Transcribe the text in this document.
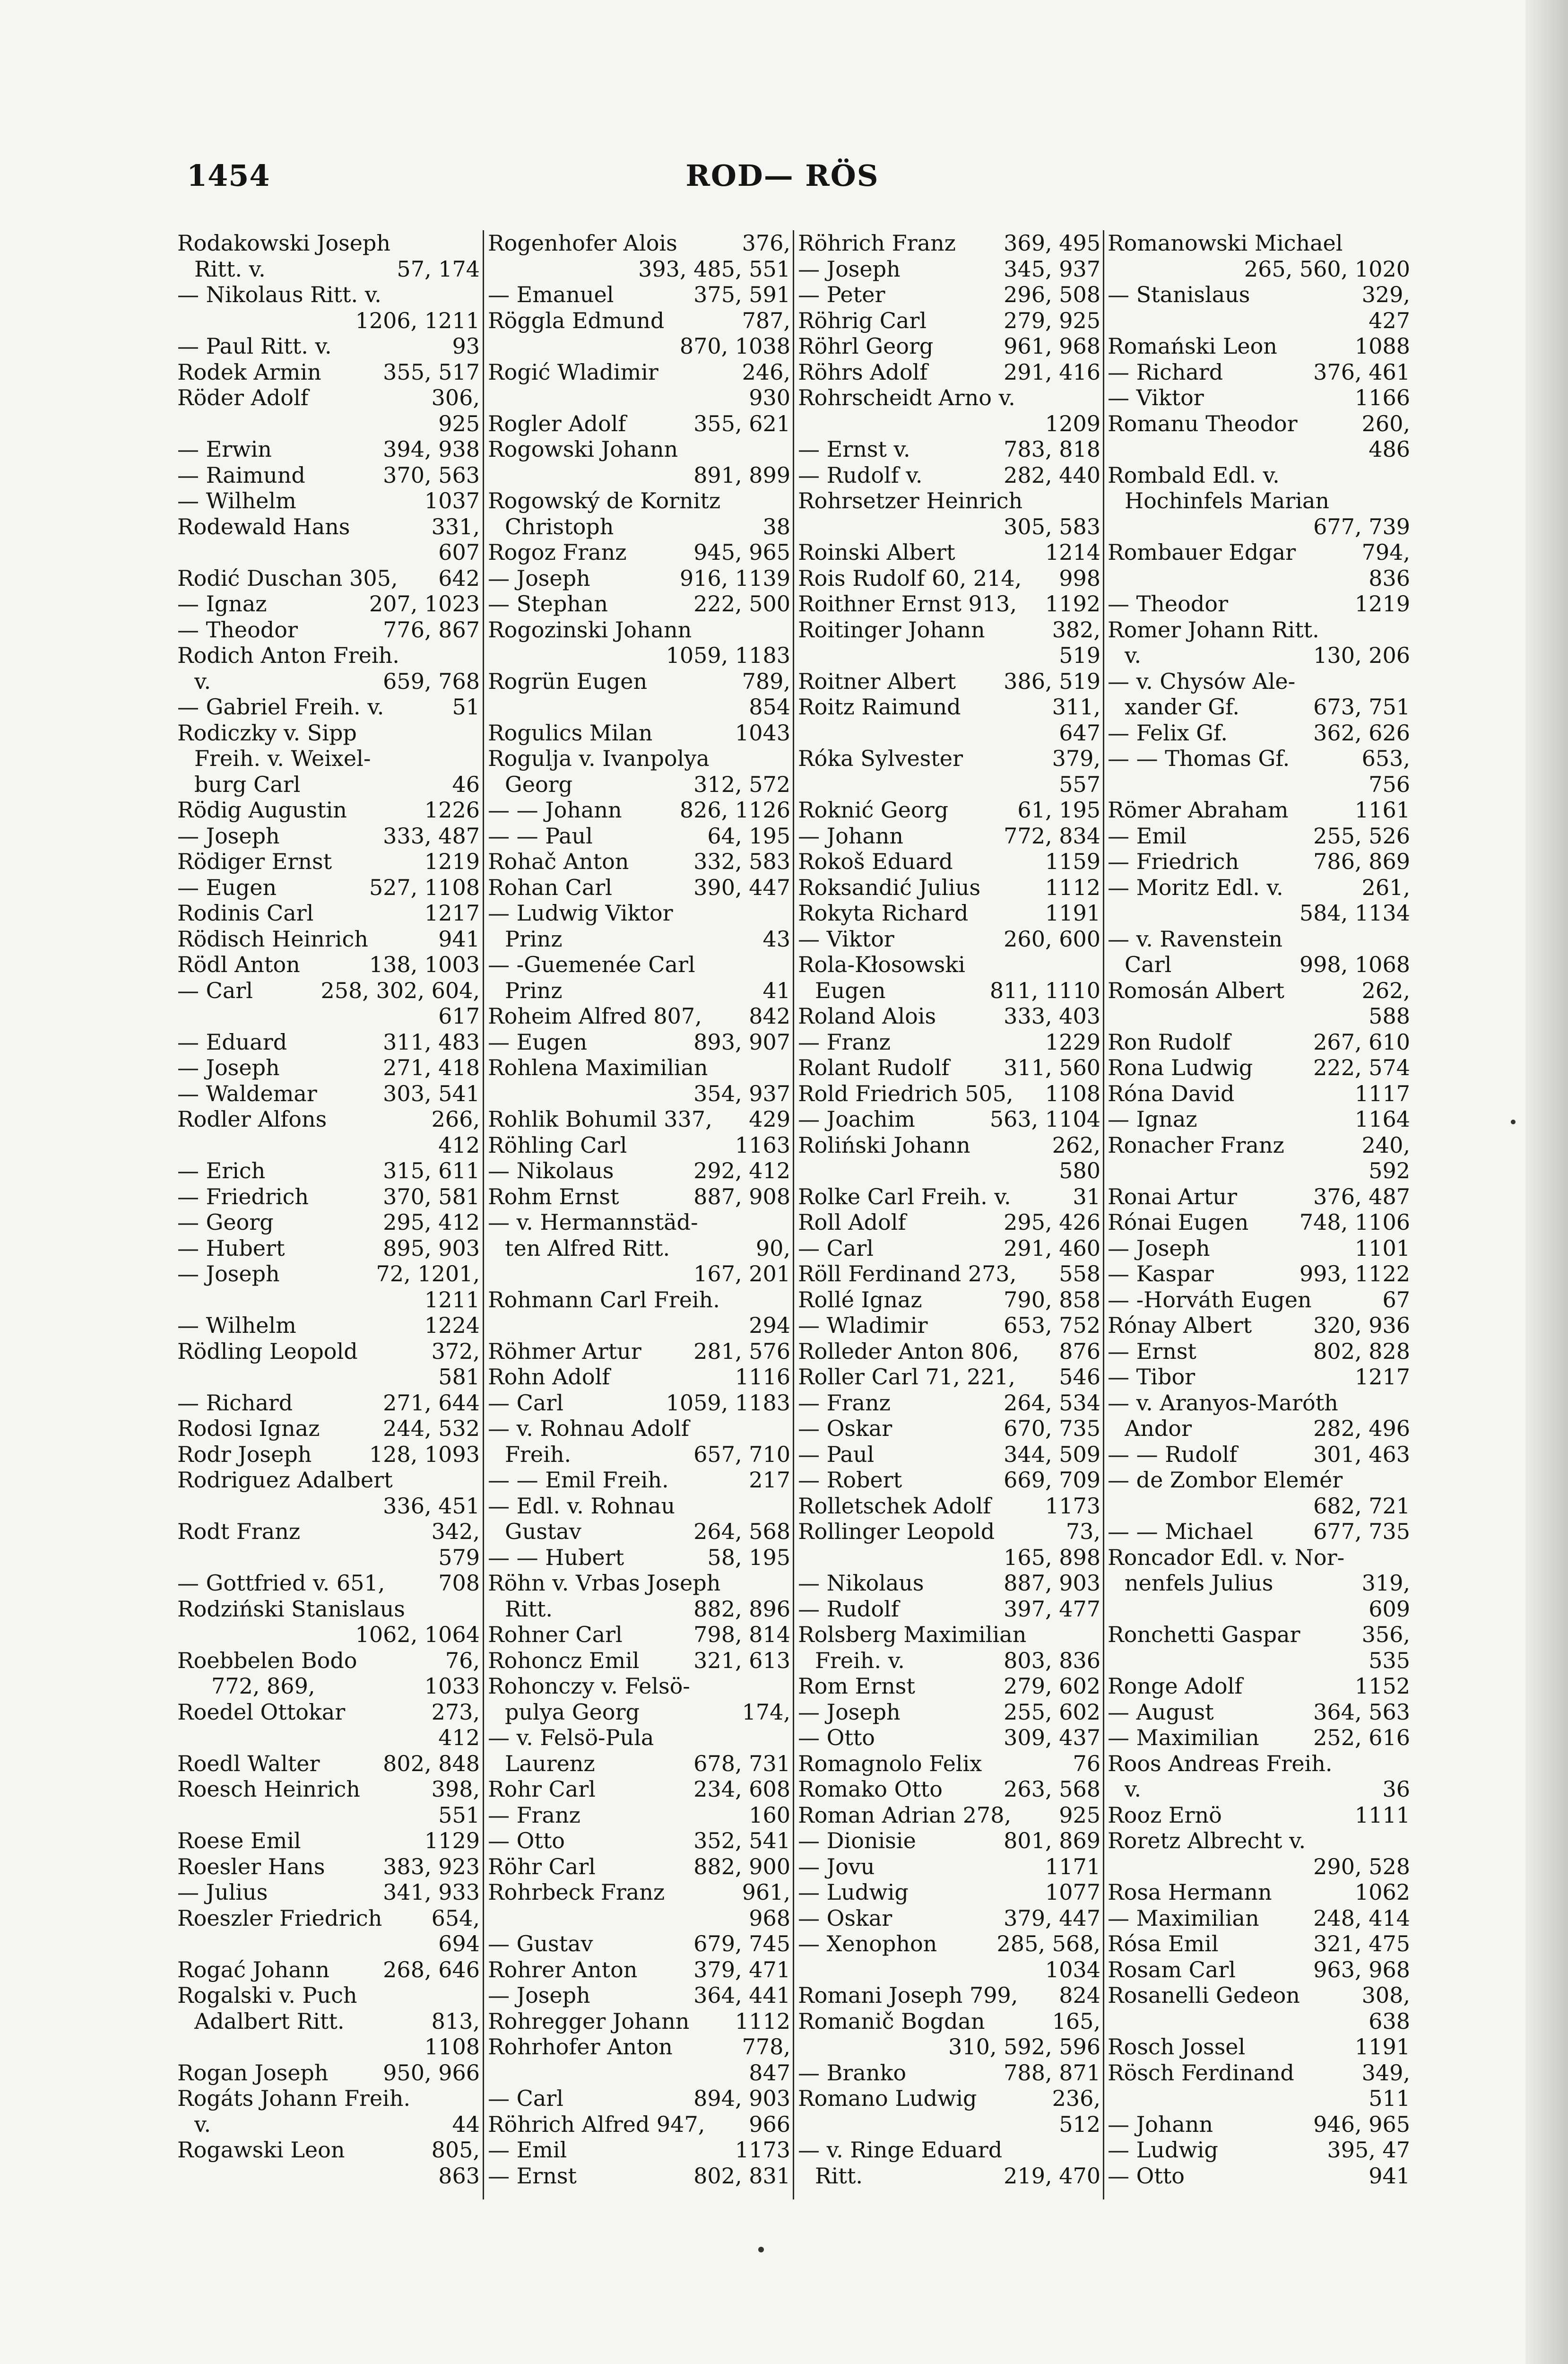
1454	ROD— RÖS
Rodakowski Joseph
Ritt. v.	57, 174
— Nikolaus Ritt. v.
1206, 1211
— Paul Ritt. v.	93
Rodek Armin	355, 517
Röder Adolf	306,
925
— Erwin	394, 938
— Raimund	370, 563
— Wilhelm	1037
Rodewald Hans	331,
607
Rodić Duschan 305,	642
— Ignaz	207, 1023
— Theodor	776, 867
Rodich Anton Freih.
v.	659, 768
— Gabriel Freih. v.	51
Rodiczky v. Sipp
Freih. v. Weixel-
burg Carl	46
Rödig Augustin	1226
— Joseph	333, 487
Rödiger Ernst	1219
— Eugen	527, 1108
Rodinis Carl	1217
Rödisch Heinrich	941
Rödl Anton	138, 1003
— Carl	258, 302, 604,
617
— Eduard	311, 483
— Joseph	271, 418
— Waldemar	303, 541
Rodler Alfons	266,
412
— Erich	315, 611
— Friedrich	370, 581
— Georg	295, 412
— Hubert	895, 903
— Joseph	72, 1201,
1211
— Wilhelm	1224
Rödling Leopold	372,
581
— Richard	271, 644
Rodosi Ignaz	244, 532
Rodr Joseph	128, 1093
Rodriguez Adalbert
336, 451
Rodt Franz	342,
579
— Gottfried v. 651,	708
Rodziński Stanislaus
1062, 1064
Roebbelen Bodo	76,
772, 869,	1033
Roedel Ottokar	273,
412
Roedl Walter	802, 848
Roesch Heinrich	398,
551
Roese Emil	1129
Roesler Hans	383, 923
— Julius	341, 933
Roeszler Friedrich	654,
694
Rogać Johann	268, 646
Rogalski v. Puch
Adalbert Ritt.	813,
1108
Rogan Joseph	950, 966
Rogáts Johann Freih.
v.	44
Rogawski Leon	805,
863
Rogenhofer Alois	376,
393, 485, 551
— Emanuel	375, 591
Röggla Edmund	787,
870, 1038
Rogić Wladimir	246,
930
Rogler Adolf	355, 621
Rogowski Johann
891, 899
Rogowský de Kornitz
Christoph	38
Rogoz Franz	945, 965
— Joseph	916, 1139
— Stephan	222, 500
Rogozinski Johann
1059, 1183
Rogrün Eugen	789,
854
Rogulics Milan	1043
Rogulja v. Ivanpolya
Georg	312, 572
— — Johann	826, 1126
— — Paul	64, 195
Rohač Anton	332, 583
Rohan Carl	390, 447
— Ludwig Viktor
Prinz	43
— -Guemenée Carl
Prinz	41
Roheim Alfred 807,	842
— Eugen	893, 907
Rohlena Maximilian
354, 937
Rohlik Bohumil 337,	429
Röhling Carl	1163
— Nikolaus	292, 412
Rohm Ernst	887, 908
— v. Hermannstäd-
ten Alfred Ritt.	90,
167, 201
Rohmann Carl Freih.
294
Röhmer Artur	281, 576
Rohn Adolf	1116
— Carl	1059, 1183
— v. Rohnau Adolf
Freih.	657, 710
— — Emil Freih.	217
— Edl. v. Rohnau
Gustav	264, 568
— — Hubert	58, 195
Röhn v. Vrbas Joseph
Ritt.	882, 896
Rohner Carl	798, 814
Rohoncz Emil	321, 613
Rohonczy v. Felsö-
pulya Georg	174,
— v. Felsö-Pula
Laurenz	678, 731
Rohr Carl	234, 608
— Franz	160
— Otto	352, 541
Röhr Carl	882, 900
Rohrbeck Franz	961,
968
— Gustav	679, 745
Rohrer Anton	379, 471
— Joseph	364, 441
Rohregger Johann	1112
Rohrhofer Anton	778,
847
— Carl	894, 903
Röhrich Alfred 947,	966
— Emil	1173
— Ernst	802, 831
Röhrich Franz	369, 495
— Joseph	345, 937
— Peter	296, 508
Röhrig Carl	279, 925
Röhrl Georg	961, 968
Röhrs Adolf	291, 416
Rohrscheidt Arno v.
1209
— Ernst v.	783, 818
— Rudolf v.	282, 440
Rohrsetzer Heinrich
305, 583
Roinski Albert	1214
Rois Rudolf 60, 214,	998
Roithner Ernst 913,	1192
Roitinger Johann	382,
519
Roitner Albert	386, 519
Roitz Raimund	311,
647
Róka Sylvester	379,
557
Roknić Georg	61, 195
— Johann	772, 834
Rokoš Eduard	1159
Roksandić Julius	1112
Rokyta Richard	1191
— Viktor	260, 600
Rola-Kłosowski
Eugen	811, 1110
Roland Alois	333, 403
— Franz	1229
Rolant Rudolf	311, 560
Rold Friedrich 505,	1108
— Joachim	563, 1104
Roliński Johann	262,
580
Rolke Carl Freih. v.	31
Roll Adolf	295, 426
— Carl	291, 460
Röll Ferdinand 273,	558
Rollé Ignaz	790, 858
— Wladimir	653, 752
Rolleder Anton 806,	876
Roller Carl 71, 221,	546
— Franz	264, 534
— Oskar	670, 735
— Paul	344, 509
— Robert	669, 709
Rolletschek Adolf	1173
Rollinger Leopold	73,
165, 898
— Nikolaus	887, 903
— Rudolf	397, 477
Rolsberg Maximilian
Freih. v.	803, 836
Rom Ernst	279, 602
— Joseph	255, 602
— Otto	309, 437
Romagnolo Felix	76
Romako Otto	263, 568
Roman Adrian 278,	925
— Dionisie	801, 869
— Jovu	1171
— Ludwig	1077
— Oskar	379, 447
— Xenophon	285, 568,
1034
Romani Joseph 799,	824
Romanič Bogdan	165,
310, 592, 596
— Branko	788, 871
Romano Ludwig	236,
512
— v. Ringe Eduard
Ritt.	219, 470
Romanowski Michael
265, 560, 1020
— Stanislaus	329,
427
Romański Leon	1088
— Richard	376, 461
— Viktor	1166
Romanu Theodor	260,
486
Rombald Edl. v.
Hochinfels Marian
677, 739
Rombauer Edgar	794,
836
— Theodor	1219
Romer Johann Ritt.
v.	130, 206
— v. Chysów Ale-
xander Gf.	673, 751
— Felix Gf.	362, 626
— — Thomas Gf.	653,
756
Römer Abraham	1161
— Emil	255, 526
— Friedrich	786, 869
— Moritz Edl. v.	261,
584, 1134
— v. Ravenstein
Carl	998, 1068
Romosán Albert	262,
588
Ron Rudolf	267, 610
Rona Ludwig	222, 574
Róna David	1117
— Ignaz	1164
Ronacher Franz	240,
592
Ronai Artur	376, 487
Rónai Eugen	748, 1106
— Joseph	1101
— Kaspar	993, 1122
— -Horváth Eugen	67
Rónay Albert	320, 936
— Ernst	802, 828
— Tibor	1217
— v. Aranyos-Maróth
Andor	282, 496
— — Rudolf	301, 463
— de Zombor Elemér
682, 721
— — Michael	677, 735
Roncador Edl. v. Nor-
nenfels Julius	319,
609
Ronchetti Gaspar	356,
535
Ronge Adolf	1152
— August	364, 563
— Maximilian	252, 616
Roos Andreas Freih.
v.	36
Rooz Ernö	1111
Roretz Albrecht v.
290, 528
Rosa Hermann	1062
— Maximilian	248, 414
Rósa Emil	321, 475
Rosam Carl	963, 968
Rosanelli Gedeon	308,
638
Rosch Jossel	1191
Rösch Ferdinand	349,
511
— Johann	946, 965
— Ludwig	395, 47
— Otto	941
